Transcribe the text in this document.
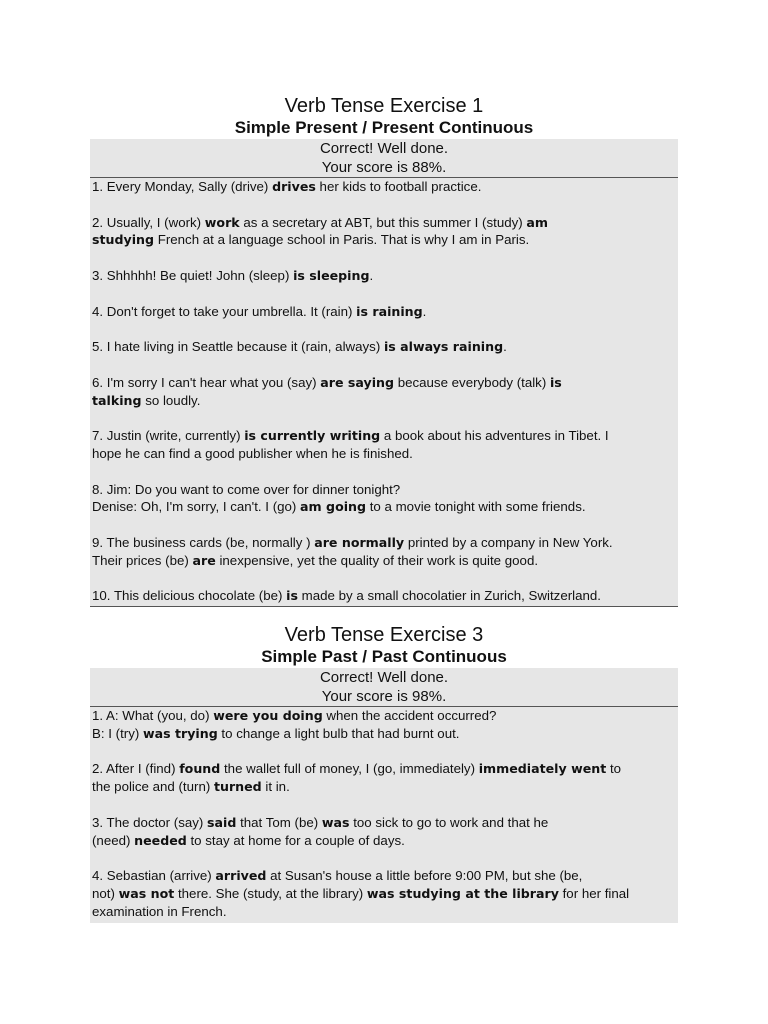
Verb Tense Exercise 1
Simple Present / Present Continuous
Correct! Well done.
Your score is 88%.
1. Every Monday, Sally (drive) drives her kids to football practice.
2. Usually, I (work) work as a secretary at ABT, but this summer I (study) am
studying French at a language school in Paris. That is why I am in Paris.
3. Shhhhh! Be quiet! John (sleep) is sleeping.
4. Don't forget to take your umbrella. It (rain) is raining.
5. I hate living in Seattle because it (rain, always) is always raining.
6. I'm sorry I can't hear what you (say) are saying because everybody (talk) is
talking so loudly.
7. Justin (write, currently) is currently writing a book about his adventures in Tibet. I
hope he can find a good publisher when he is finished.
8. Jim: Do you want to come over for dinner tonight?
Denise: Oh, I'm sorry, I can't. I (go) am going to a movie tonight with some friends.
9. The business cards (be, normally ) are normally printed by a company in New York.
Their prices (be) are inexpensive, yet the quality of their work is quite good.
10. This delicious chocolate (be) is made by a small chocolatier in Zurich, Switzerland.
Verb Tense Exercise 3
Simple Past / Past Continuous
Correct! Well done.
Your score is 98%.
1. A: What (you, do) were you doing when the accident occurred?
B: I (try) was trying to change a light bulb that had burnt out.
2. After I (find) found the wallet full of money, I (go, immediately) immediately went to
the police and (turn) turned it in.
3. The doctor (say) said that Tom (be) was too sick to go to work and that he
(need) needed to stay at home for a couple of days.
4. Sebastian (arrive) arrived at Susan's house a little before 9:00 PM, but she (be,
not) was not there. She (study, at the library) was studying at the library for her final
examination in French.
